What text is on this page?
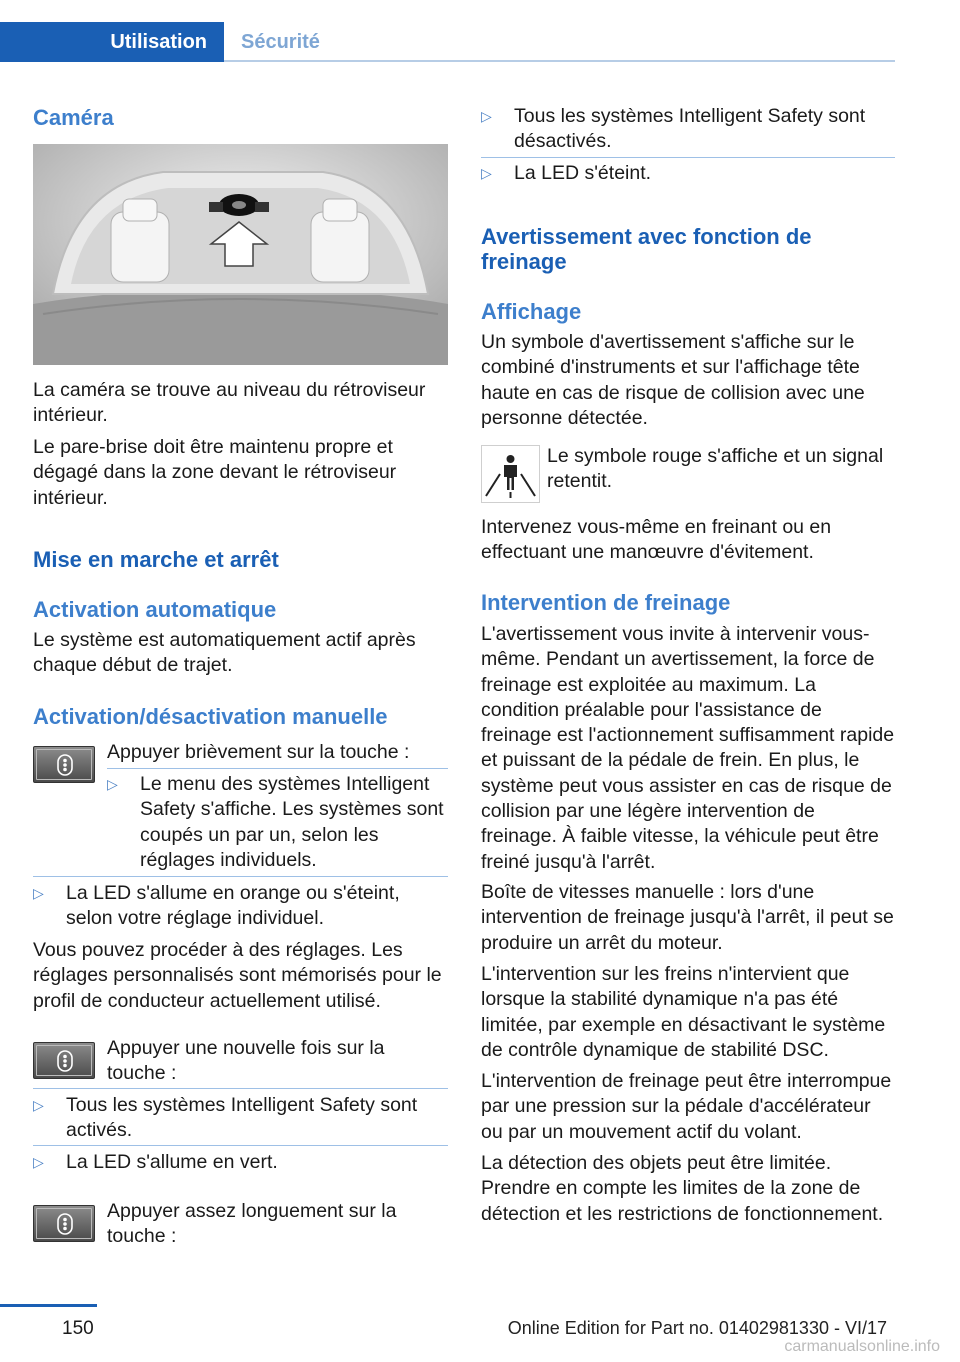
Utilisation Sécurité
Caméra

La caméra se trouve au niveau du rétroviseur intérieur.

Le pare-brise doit être maintenu propre et dégagé dans la zone devant le rétroviseur intérieur.

Mise en marche et arrêt
Activation automatique

Le système est automatiquement actif après chaque début de trajet.

Activation/désactivation manuelle

Appuyer brièvement sur la touche :

▷ Le menu des systèmes Intelligent Safety s'affiche. Les systèmes sont coupés un par un, selon les réglages individuels.

▷ La LED s'allume en orange ou s'éteint, selon votre réglage individuel.

Vous pouvez procéder à des réglages. Les réglages personnalisés sont mémorisés pour le profil de conducteur actuellement utilisé.

Appuyer une nouvelle fois sur la touche :

▷ Tous les systèmes Intelligent Safety sont activés.

▷ La LED s'allume en vert.

Appuyer assez longuement sur la touche :

▷ Tous les systèmes Intelligent Safety sont désactivés.

▷ La LED s'éteint.

Avertissement avec fonction de freinage
Affichage

Un symbole d'avertissement s'affiche sur le combiné d'instruments et sur l'affichage tête haute en cas de risque de collision avec une personne détectée.

Le symbole rouge s'affiche et un signal retentit.

Intervenez vous-même en freinant ou en effectuant une manœuvre d'évitement.

Intervention de freinage

L'avertissement vous invite à intervenir vous-même. Pendant un avertissement, la force de freinage est exploitée au maximum. La condition préalable pour l'assistance de freinage est l'actionnement suffisamment rapide et puissant de la pédale de frein. En plus, le système peut vous assister en cas de risque de collision par une légère intervention de freinage. À faible vitesse, la véhicule peut être freiné jusqu'à l'arrêt.

Boîte de vitesses manuelle : lors d'une intervention de freinage jusqu'à l'arrêt, il peut se produire un arrêt du moteur.

L'intervention sur les freins n'intervient que lorsque la stabilité dynamique n'a pas été limitée, par exemple en désactivant le système de contrôle dynamique de stabilité DSC.

L'intervention de freinage peut être interrompue par une pression sur la pédale d'accélérateur ou par un mouvement actif du volant.

La détection des objets peut être limitée. Prendre en compte les limites de la zone de détection et les restrictions de fonctionnement.

150	Online Edition for Part no. 01402981330 - VI/17
carmanualsonline.info
